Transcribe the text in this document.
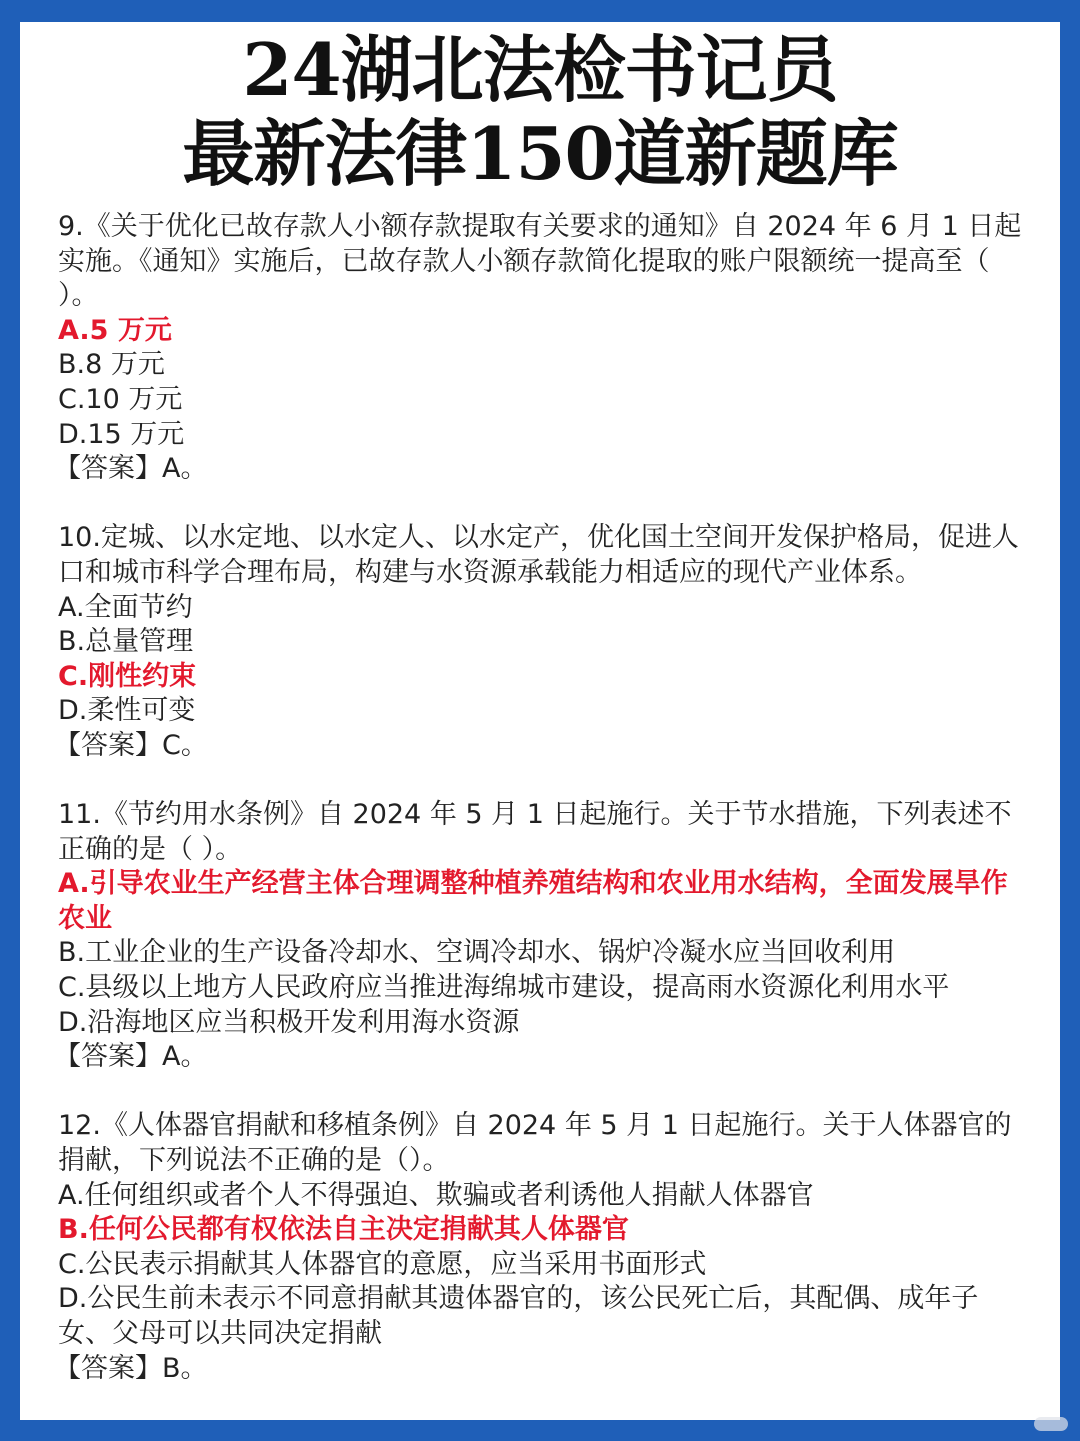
24湖北法检书记员
最新法律150道新题库

9.《关于优化已故存款人小额存款提取有关要求的通知》自 2024 年 6 月 1 日起实施。《通知》实施后，已故存款人小额存款简化提取的账户限额统一提高至（ ）。

A.5 万元

B.8 万元

C.10 万元

D.15 万元

【答案】A。

10.定城、以水定地、以水定人、以水定产，优化国土空间开发保护格局，促进人口和城市科学合理布局，构建与水资源承载能力相适应的现代产业体系。

A.全面节约

B.总量管理

C.刚性约束

D.柔性可变

【答案】C。

11.《节约用水条例》自 2024 年 5 月 1 日起施行。关于节水措施，下列表述不正确的是（ ）。

A.引导农业生产经营主体合理调整种植养殖结构和农业用水结构，全面发展旱作农业

B.工业企业的生产设备冷却水、空调冷却水、锅炉冷凝水应当回收利用

C.县级以上地方人民政府应当推进海绵城市建设，提高雨水资源化利用水平

D.沿海地区应当积极开发利用海水资源

【答案】A。

12.《人体器官捐献和移植条例》自 2024 年 5 月 1 日起施行。关于人体器官的捐献，下列说法不正确的是（）。

A.任何组织或者个人不得强迫、欺骗或者利诱他人捐献人体器官

B.任何公民都有权依法自主决定捐献其人体器官

C.公民表示捐献其人体器官的意愿，应当采用书面形式

D.公民生前未表示不同意捐献其遗体器官的，该公民死亡后，其配偶、成年子女、父母可以共同决定捐献

【答案】B。
